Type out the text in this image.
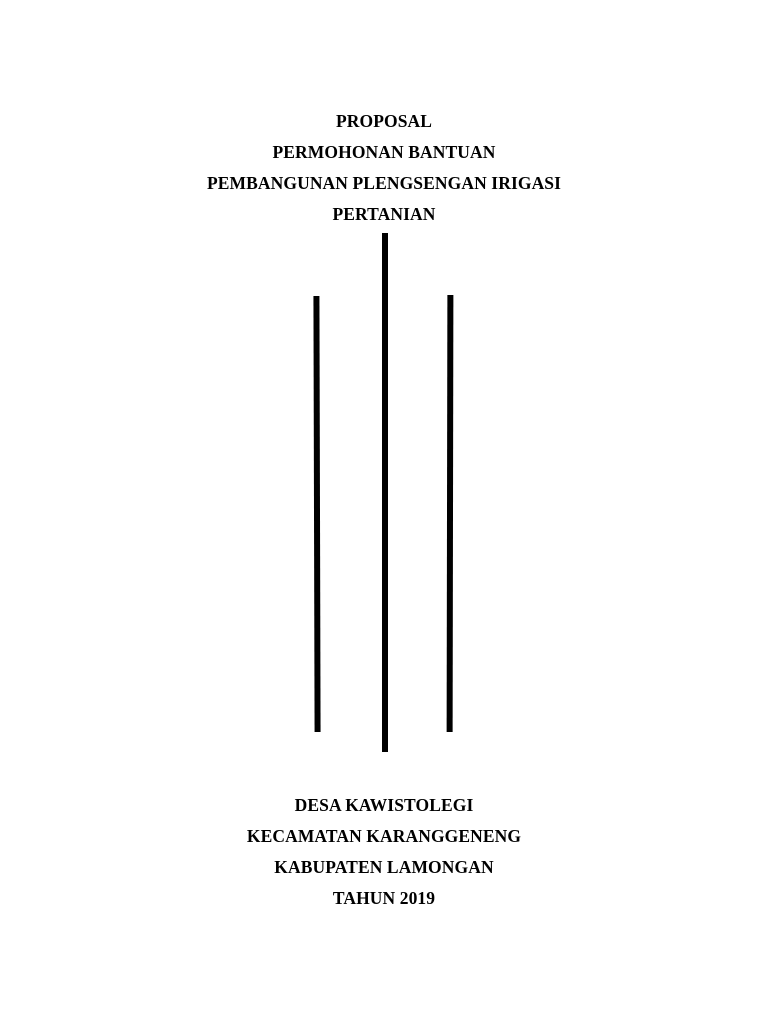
PROPOSAL
PERMOHONAN BANTUAN
PEMBANGUNAN PLENGSENGAN IRIGASI
PERTANIAN
DESA KAWISTOLEGI
KECAMATAN KARANGGENENG
KABUPATEN LAMONGAN
TAHUN 2019
